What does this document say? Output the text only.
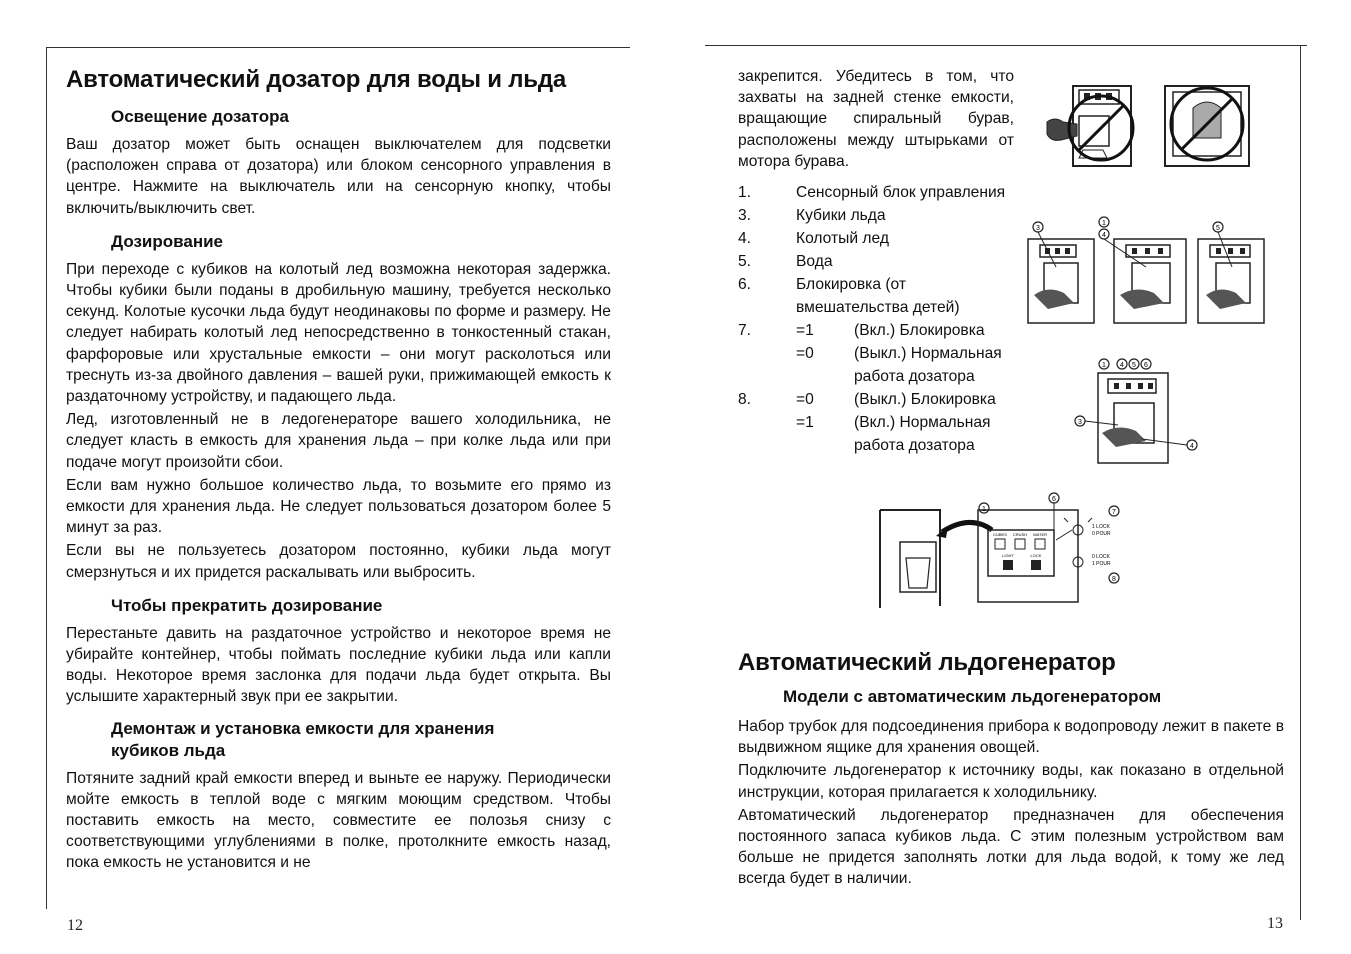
Автоматический дозатор для воды и льда
Освещение дозатора

Ваш дозатор может быть оснащен выключателем для подсветки (расположен справа от дозатора) или блоком сенсорного управления в центре. Нажмите на выключатель или на сенсорную кнопку, чтобы включить/выключить свет.

Дозирование

При переходе с кубиков на колотый лед возможна некоторая задержка. Чтобы кубики были поданы в дробильную машину, требуется несколько секунд. Колотые кусочки льда будут неодинаковы по форме и размеру. Не следует набирать колотый лед непосредственно в тонкостенный стакан, фарфоровые или хрустальные емкости – они могут расколоться или треснуть из-за двойного давления – вашей руки, прижимающей емкость к раздаточному устройству, и падающего льда.

Лед, изготовленный не в ледогенераторе вашего холодильника, не следует класть в емкость для хранения льда – при колке льда или при подаче могут произойти сбои.

Если вам нужно большое количество льда, то возьмите его прямо из емкости для хранения льда. Не следует пользоваться дозатором более 5 минут за раз.

Если вы не пользуетесь дозатором постоянно, кубики льда могут смерзнуться и их придется раскалывать или выбросить.

Чтобы прекратить дозирование

Перестаньте давить на раздаточное устройство и некоторое время не убирайте контейнер, чтобы поймать последние кубики льда или капли воды. Некоторое время заслонка для подачи льда будет открыта. Вы услышите характерный звук при ее закрытии.

Демонтаж и установка емкости для хранения кубиков льда

Потяните задний край емкости вперед и выньте ее наружу. Периодически мойте емкость в теплой воде с мягким моющим средством. Чтобы поставить емкость на место, совместите ее полозья снизу с соответствующими углублениями в полке, протолкните емкость назад, пока емкость не установится и не

12

закрепится. Убедитесь в том, что захваты на задней стенке емкости, вращающие спиральный бурав, расположены между штырьками от мотора бурава.

1.	Сенсорный блок управления
3.	Кубики льда
4.	Колотый лед
5.	Вода
6.	Блокировка (от
вмешательства детей)
7.	=1	(Вкл.) Блокировка
=0	(Выкл.) Нормальная
работа дозатора
8.	=0	(Выкл.) Блокировка
=1	(Вкл.) Нормальная
работа дозатора
3
1
4
5
1 4 5 6
3
4
CUBES CRUSH WATER
LIGHT	LOCK
1
6
7
8
1 LOCK
0 POUR
0 LOCK
1 POUR
Автоматический льдогенератор
Модели с автоматическим льдогенератором

Набор трубок для подсоединения прибора к водопроводу лежит в пакете в выдвижном ящике для хранения овощей.

Подключите льдогенератор к источнику воды, как показано в отдельной инструкции, которая прилагается к холодильнику.

Автоматический льдогенератор предназначен для обеспечения постоянного запаса кубиков льда. С этим полезным устройством вам больше не придется заполнять лотки для льда водой, к тому же лед всегда будет в наличии.

13
